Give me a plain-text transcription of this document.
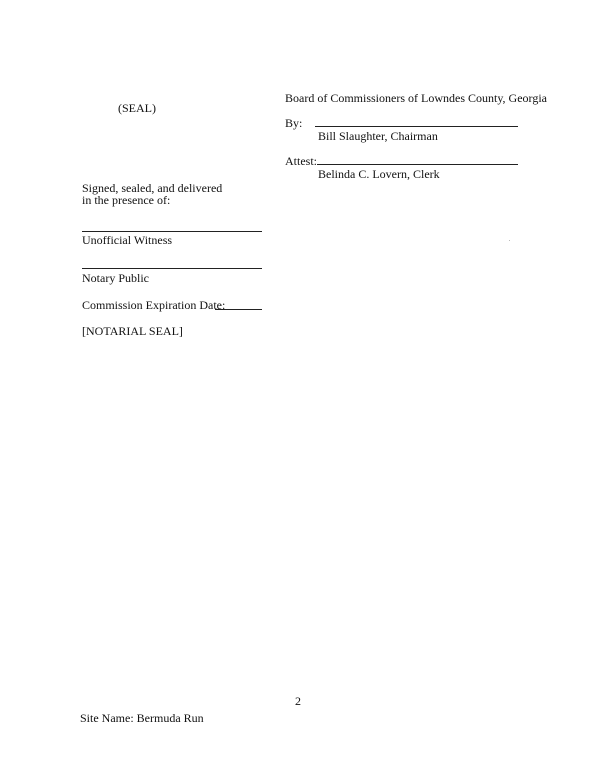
(SEAL)
Board of Commissioners of Lowndes County, Georgia
By:
Bill Slaughter, Chairman
Attest:
Belinda C. Lovern, Clerk
Signed, sealed, and delivered
in the presence of:
Unofficial Witness
Notary Public
Commission Expiration Date:
[NOTARIAL SEAL]
2
Site Name: Bermuda Run
